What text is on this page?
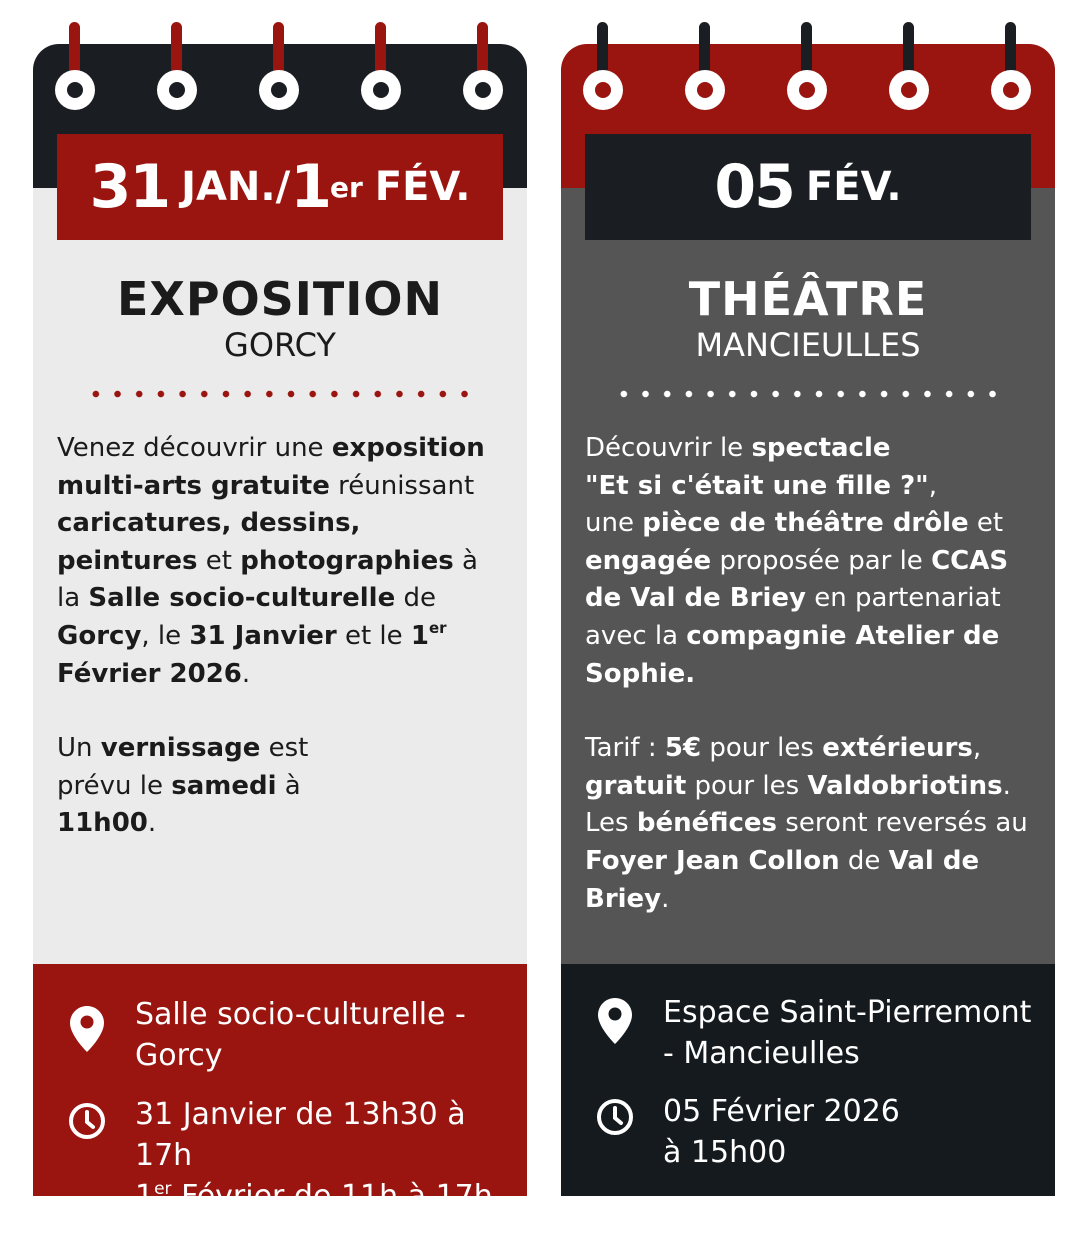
31 JAN./ 1 er FÉV.
EXPOSITION
GORCY
Venez découvrir une exposition multi-arts gratuite réunissant caricatures, dessins, peintures et photographies à la Salle socio-culturelle de Gorcy, le 31 Janvier et le 1er Février 2026.
Un vernissage est prévu le samedi à 11h00.
Salle socio-culturelle -
Gorcy
31 Janvier de 13h30 à 17h
1er Février de 11h à 17h
05 FÉV.
THÉÂTRE
MANCIEULLES
Découvrir le spectacle
"Et si c'était une fille ?",
une pièce de théâtre drôle et engagée proposée par le CCAS de Val de Briey en partenariat avec la compagnie Atelier de Sophie.
Tarif : 5€ pour les extérieurs, gratuit pour les Valdobriotins. Les bénéfices seront reversés au Foyer Jean Collon de Val de Briey.
Espace Saint-Pierremont
- Mancieulles
05 Février 2026
à 15h00
